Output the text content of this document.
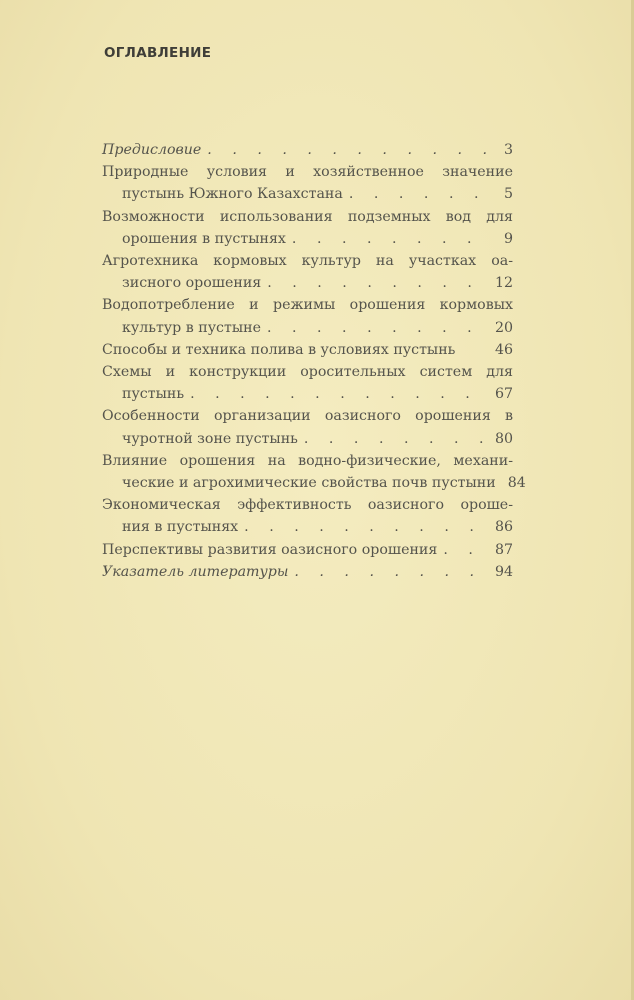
ОГЛАВЛЕНИЕ
Предисловие . . .	3
Природные условия и хозяйственное значение
пустынь Южного Казахстана . . .	5
Возможности использования подземных вод для
орошения в пустынях . . .	9
Агротехника кормовых культур на участках оа-
зисного орошения . . .	12
Водопотребление и режимы орошения кормовых
культур в пустыне . . .	20
Способы и техника полива в условиях пустынь	46
Схемы и конструкции оросительных систем для
пустынь . . .	67
Особенности организации оазисного орошения в
чуротной зоне пустынь . . .	80
Влияние орошения на водно-физические, механи-
ческие и агрохимические свойства почв пустыни 84
Экономическая эффективность оазисного ороше-
ния в пустынях . . .	86
Перспективы развития оазисного орошения . . .	87
Указатель литературы . . .	94
